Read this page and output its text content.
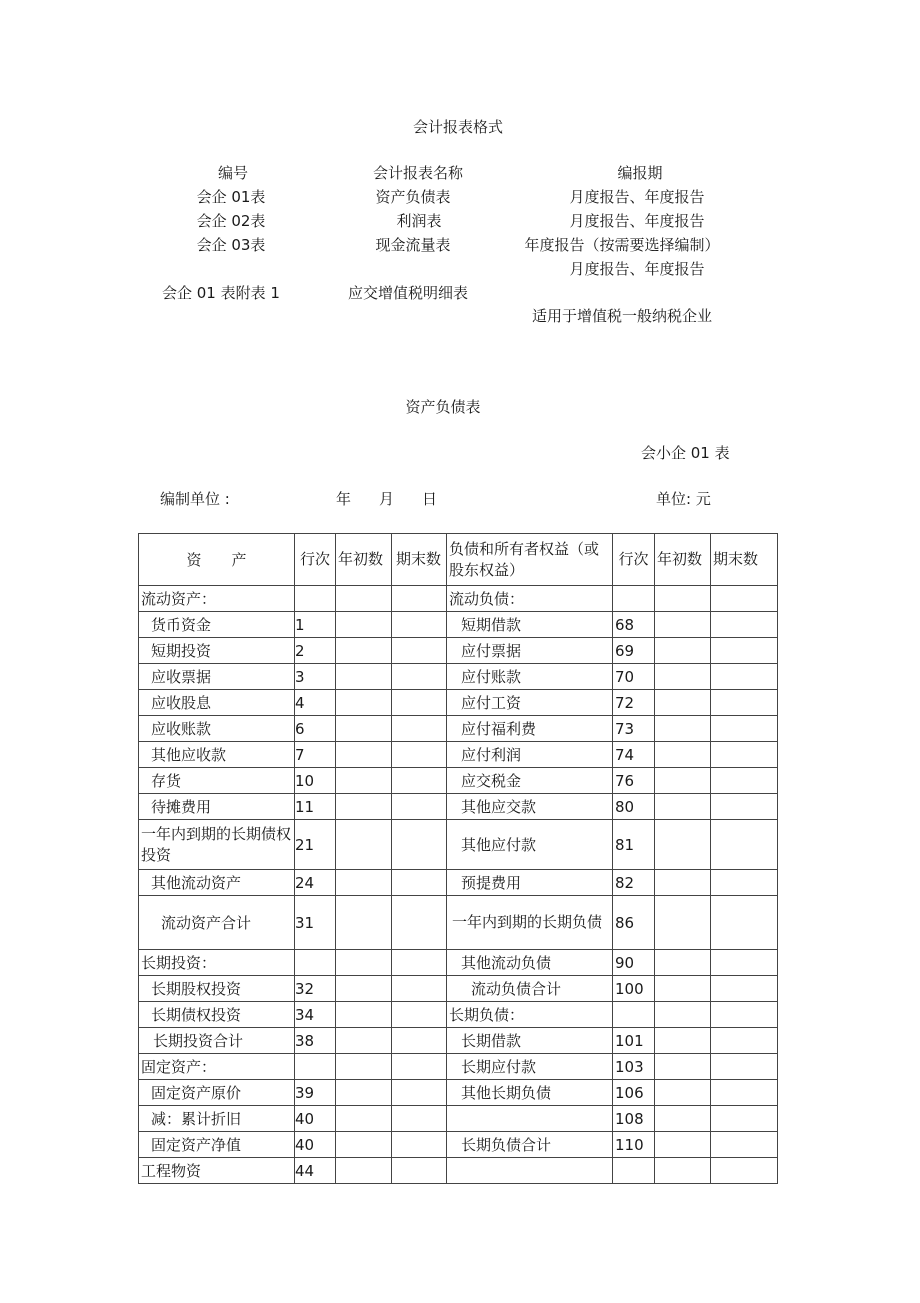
会计报表格式
编号	会计报表名称	编报期
会企 01表	资产负债表	月度报告、年度报告
会企 02表	利润表	月度报告、年度报告
会企 03表	现金流量表	年度报告（按需要选择编制）
月度报告、年度报告
会企 01 表附表 1	应交增值税明细表
适用于增值税一般纳税企业
资产负债表
会小企 01 表
编制单位 :	年 月 日	单位: 元
资　　产	行次	年初数	期末数	负债和所有者权益（或股东权益）	行次	年初数	期末数
流动资产：				流动负债：			
货币资金	1			短期借款	68		
短期投资	2			应付票据	69		
应收票据	3			应付账款	70		
应收股息	4			应付工资	72		
应收账款	6			应付福利费	73		
其他应收款	7			应付利润	74		
存货	10			应交税金	76		
待摊费用	11			其他应交款	80		
一年内到期的长期债权投资	21			其他应付款	81		
其他流动资产	24			预提费用	82		
流动资产合计	31			一年内到期的长期负债	86		
长期投资：				其他流动负债	90		
长期股权投资	32			流动负债合计	100		
长期债权投资	34			长期负债：			
长期投资合计	38			长期借款	101		
固定资产：				长期应付款	103		
固定资产原价	39			其他长期负债	106		
减：累计折旧	40				108		
固定资产净值	40			长期负债合计	110		
工程物资	44						
